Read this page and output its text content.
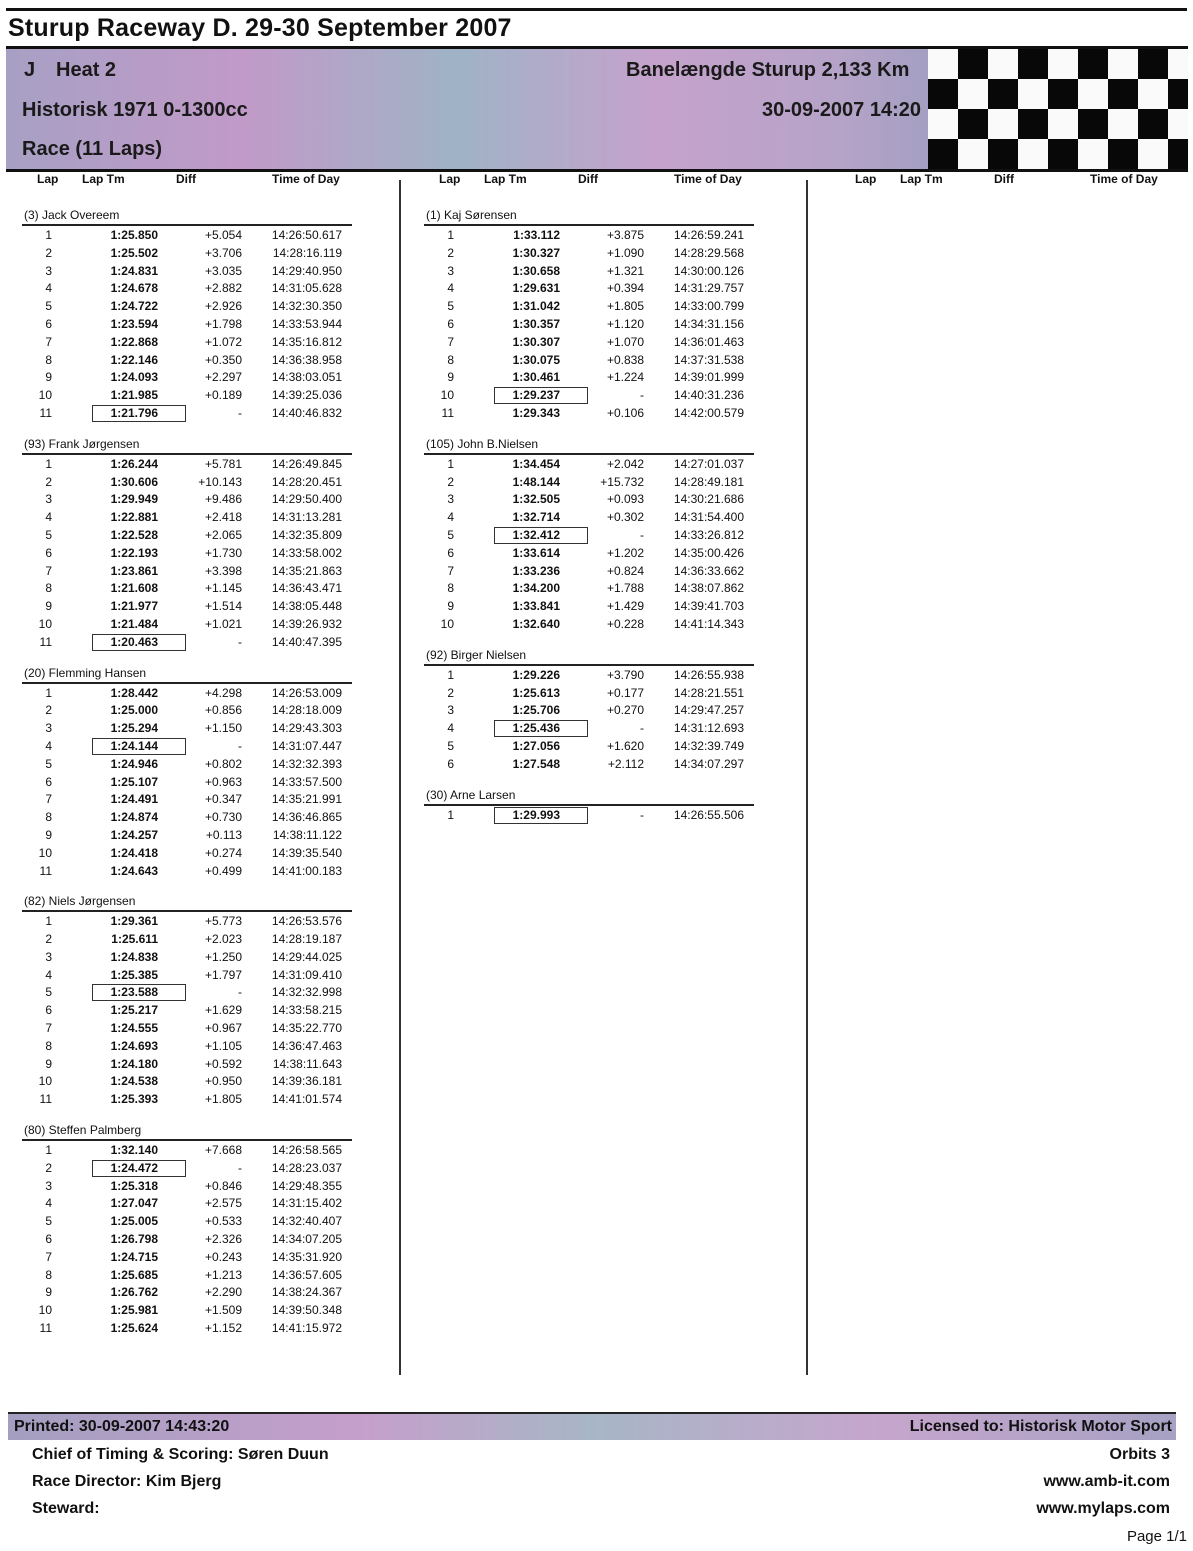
Sturup Raceway D. 29-30 September 2007
J Heat 2
Historisk 1971 0-1300cc
Race (11 Laps)
Banelængde Sturup 2,133 Km
30-09-2007 14:20
Lap Lap Tm	Diff	Time of Day
(3) Jack Overeem
1	1:25.850	+5.054	14:26:50.617
2	1:25.502	+3.706	14:28:16.119
3	1:24.831	+3.035	14:29:40.950
4	1:24.678	+2.882	14:31:05.628
5	1:24.722	+2.926	14:32:30.350
6	1:23.594	+1.798	14:33:53.944
7	1:22.868	+1.072	14:35:16.812
8	1:22.146	+0.350	14:36:38.958
9	1:24.093	+2.297	14:38:03.051
10	1:21.985	+0.189	14:39:25.036
11	1:21.796	-	14:40:46.832
(93) Frank Jørgensen
1	1:26.244	+5.781	14:26:49.845
2	1:30.606	+10.143	14:28:20.451
3	1:29.949	+9.486	14:29:50.400
4	1:22.881	+2.418	14:31:13.281
5	1:22.528	+2.065	14:32:35.809
6	1:22.193	+1.730	14:33:58.002
7	1:23.861	+3.398	14:35:21.863
8	1:21.608	+1.145	14:36:43.471
9	1:21.977	+1.514	14:38:05.448
10	1:21.484	+1.021	14:39:26.932
11	1:20.463	-	14:40:47.395
(20) Flemming Hansen
1	1:28.442	+4.298	14:26:53.009
2	1:25.000	+0.856	14:28:18.009
3	1:25.294	+1.150	14:29:43.303
4	1:24.144	-	14:31:07.447
5	1:24.946	+0.802	14:32:32.393
6	1:25.107	+0.963	14:33:57.500
7	1:24.491	+0.347	14:35:21.991
8	1:24.874	+0.730	14:36:46.865
9	1:24.257	+0.113	14:38:11.122
10	1:24.418	+0.274	14:39:35.540
11	1:24.643	+0.499	14:41:00.183
(82) Niels Jørgensen
1	1:29.361	+5.773	14:26:53.576
2	1:25.611	+2.023	14:28:19.187
3	1:24.838	+1.250	14:29:44.025
4	1:25.385	+1.797	14:31:09.410
5	1:23.588	-	14:32:32.998
6	1:25.217	+1.629	14:33:58.215
7	1:24.555	+0.967	14:35:22.770
8	1:24.693	+1.105	14:36:47.463
9	1:24.180	+0.592	14:38:11.643
10	1:24.538	+0.950	14:39:36.181
11	1:25.393	+1.805	14:41:01.574
(80) Steffen Palmberg
1	1:32.140	+7.668	14:26:58.565
2	1:24.472	-	14:28:23.037
3	1:25.318	+0.846	14:29:48.355
4	1:27.047	+2.575	14:31:15.402
5	1:25.005	+0.533	14:32:40.407
6	1:26.798	+2.326	14:34:07.205
7	1:24.715	+0.243	14:35:31.920
8	1:25.685	+1.213	14:36:57.605
9	1:26.762	+2.290	14:38:24.367
10	1:25.981	+1.509	14:39:50.348
11	1:25.624	+1.152	14:41:15.972
Lap Lap Tm	Diff	Time of Day
(1) Kaj Sørensen
1	1:33.112	+3.875	14:26:59.241
2	1:30.327	+1.090	14:28:29.568
3	1:30.658	+1.321	14:30:00.126
4	1:29.631	+0.394	14:31:29.757
5	1:31.042	+1.805	14:33:00.799
6	1:30.357	+1.120	14:34:31.156
7	1:30.307	+1.070	14:36:01.463
8	1:30.075	+0.838	14:37:31.538
9	1:30.461	+1.224	14:39:01.999
10	1:29.237	-	14:40:31.236
11	1:29.343	+0.106	14:42:00.579
(105) John B.Nielsen
1	1:34.454	+2.042	14:27:01.037
2	1:48.144	+15.732	14:28:49.181
3	1:32.505	+0.093	14:30:21.686
4	1:32.714	+0.302	14:31:54.400
5	1:32.412	-	14:33:26.812
6	1:33.614	+1.202	14:35:00.426
7	1:33.236	+0.824	14:36:33.662
8	1:34.200	+1.788	14:38:07.862
9	1:33.841	+1.429	14:39:41.703
10	1:32.640	+0.228	14:41:14.343
(92) Birger Nielsen
1	1:29.226	+3.790	14:26:55.938
2	1:25.613	+0.177	14:28:21.551
3	1:25.706	+0.270	14:29:47.257
4	1:25.436	-	14:31:12.693
5	1:27.056	+1.620	14:32:39.749
6	1:27.548	+2.112	14:34:07.297
(30) Arne Larsen
1	1:29.993	-	14:26:55.506
Lap Lap Tm	Diff	Time of Day
Printed: 30-09-2007 14:43:20	Licensed to: Historisk Motor Sport
Chief of Timing & Scoring: Søren Duun
Race Director: Kim Bjerg
Steward:
Orbits 3
www.amb-it.com
www.mylaps.com
Page 1/1
